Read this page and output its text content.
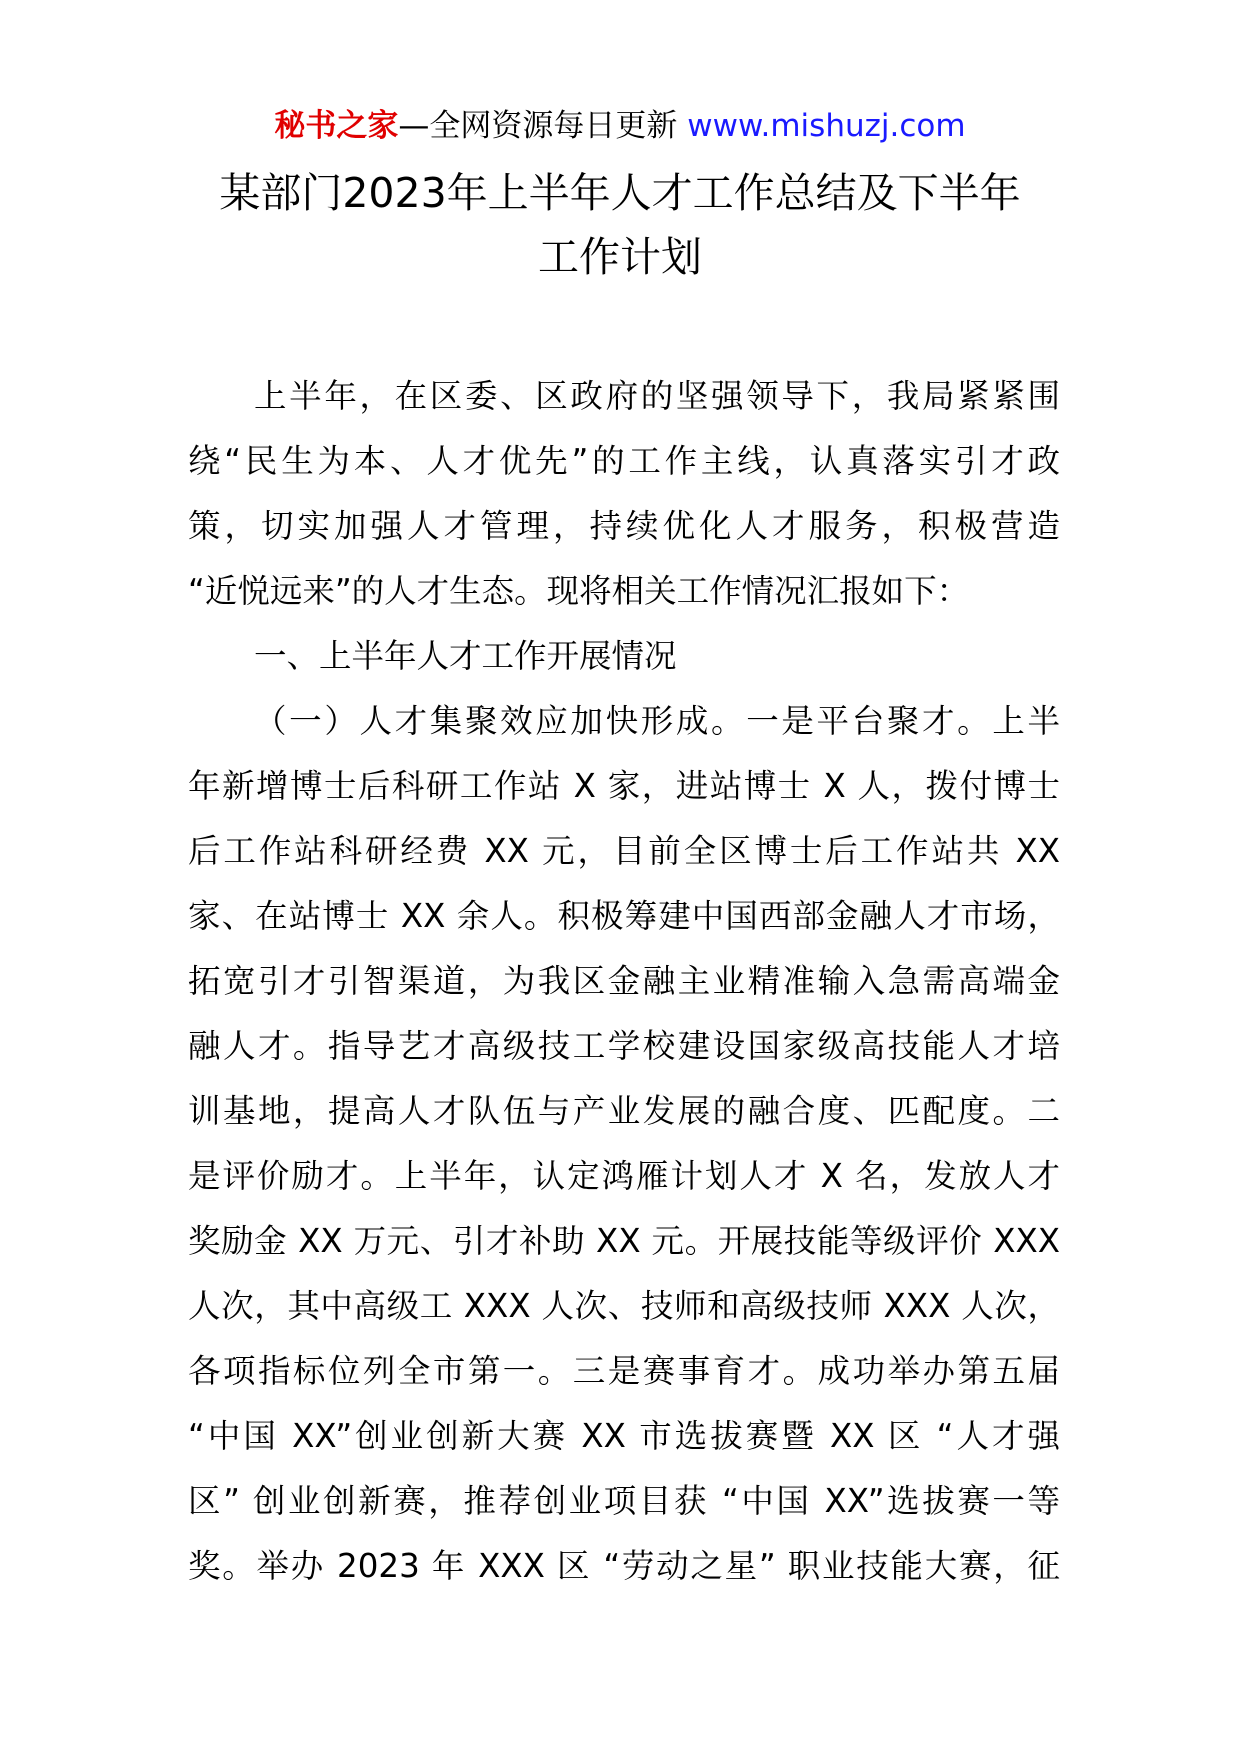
秘书之家—全网资源每日更新 www.mishuzj.com
某部门2023年上半年人才工作总结及下半年
工作计划
上半年，在区委、区政府的坚强领导下，我局紧紧围
绕“民生为本、人才优先”的工作主线，认真落实引才政
策，切实加强人才管理，持续优化人才服务，积极营造
“近悦远来”的人才生态。现将相关工作情况汇报如下：
一、上半年人才工作开展情况
（一）人才集聚效应加快形成。一是平台聚才。上半
年新增博士后科研工作站 X 家，进站博士 X 人，拨付博士
后工作站科研经费 XX 元，目前全区博士后工作站共 XX
家、在站博士 XX 余人。积极筹建中国西部金融人才市场，
拓宽引才引智渠道，为我区金融主业精准输入急需高端金
融人才。指导艺才高级技工学校建设国家级高技能人才培
训基地，提高人才队伍与产业发展的融合度、匹配度。二
是评价励才。上半年，认定鸿雁计划人才 X 名，发放人才
奖励金 XX 万元、引才补助 XX 元。开展技能等级评价 XXX
人次，其中高级工 XXX 人次、技师和高级技师 XXX 人次，
各项指标位列全市第一。三是赛事育才。成功举办第五届
“中国 XX”创业创新大赛 XX 市选拔赛暨 XX 区 “人才强
区” 创业创新赛，推荐创业项目获 “中国 XX”选拔赛一等
奖。举办 2023 年 XXX 区 “劳动之星” 职业技能大赛，征
